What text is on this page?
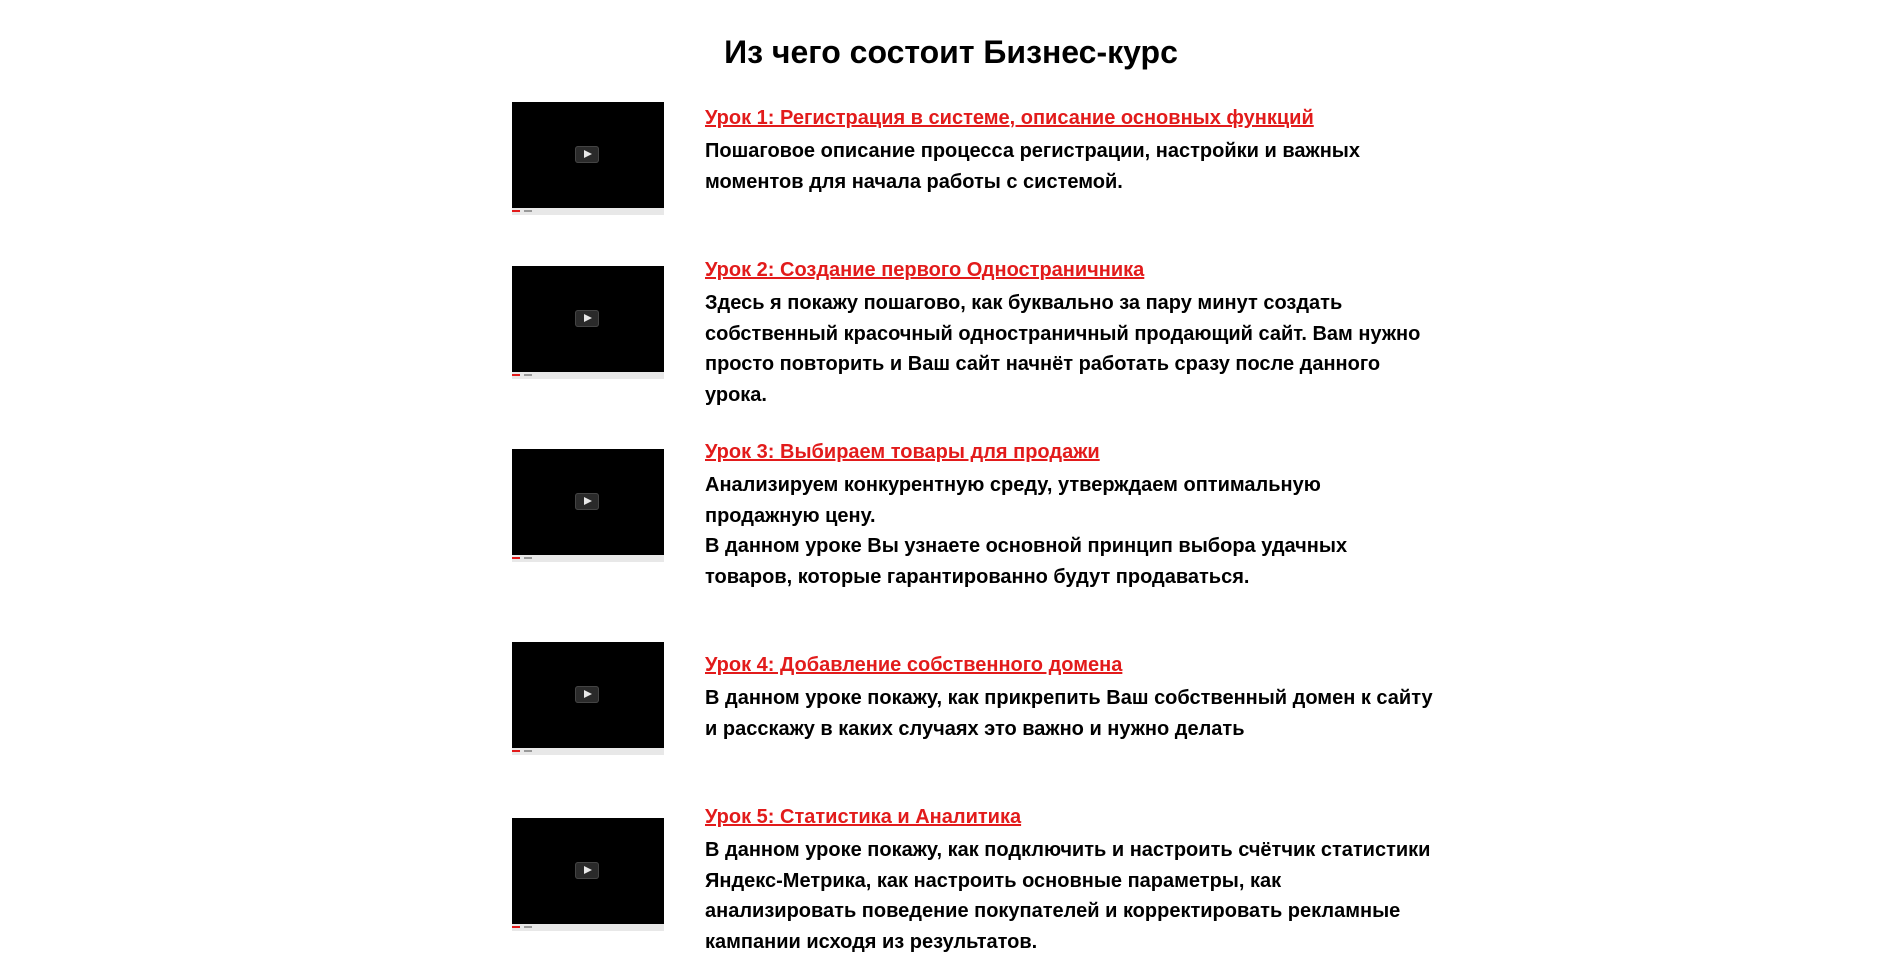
Из чего состоит Бизнес-курс
Урок 1: Регистрация в системе, описание основных функций

Пошаговое описание процесса регистрации, настройки и важных моментов для начала работы с системой.

Урок 2: Создание первого Одностраничника

Здесь я покажу пошагово, как буквально за пару минут создать собственный красочный одностраничный продающий сайт. Вам нужно просто повторить и Ваш сайт начнёт работать сразу после данного урока.

Урок 3: Выбираем товары для продажи

Анализируем конкурентную среду, утверждаем оптимальную продажную цену.

В данном уроке Вы узнаете основной принцип выбора удачных товаров, которые гарантированно будут продаваться.

Урок 4: Добавление собственного домена

В данном уроке покажу, как прикрепить Ваш собственный домен к сайту и расскажу в каких случаях это важно и нужно делать

Урок 5: Статистика и Аналитика

В данном уроке покажу, как подключить и настроить счётчик статистики Яндекс-Метрика, как настроить основные параметры, как анализировать поведение покупателей и корректировать рекламные кампании исходя из результатов.
